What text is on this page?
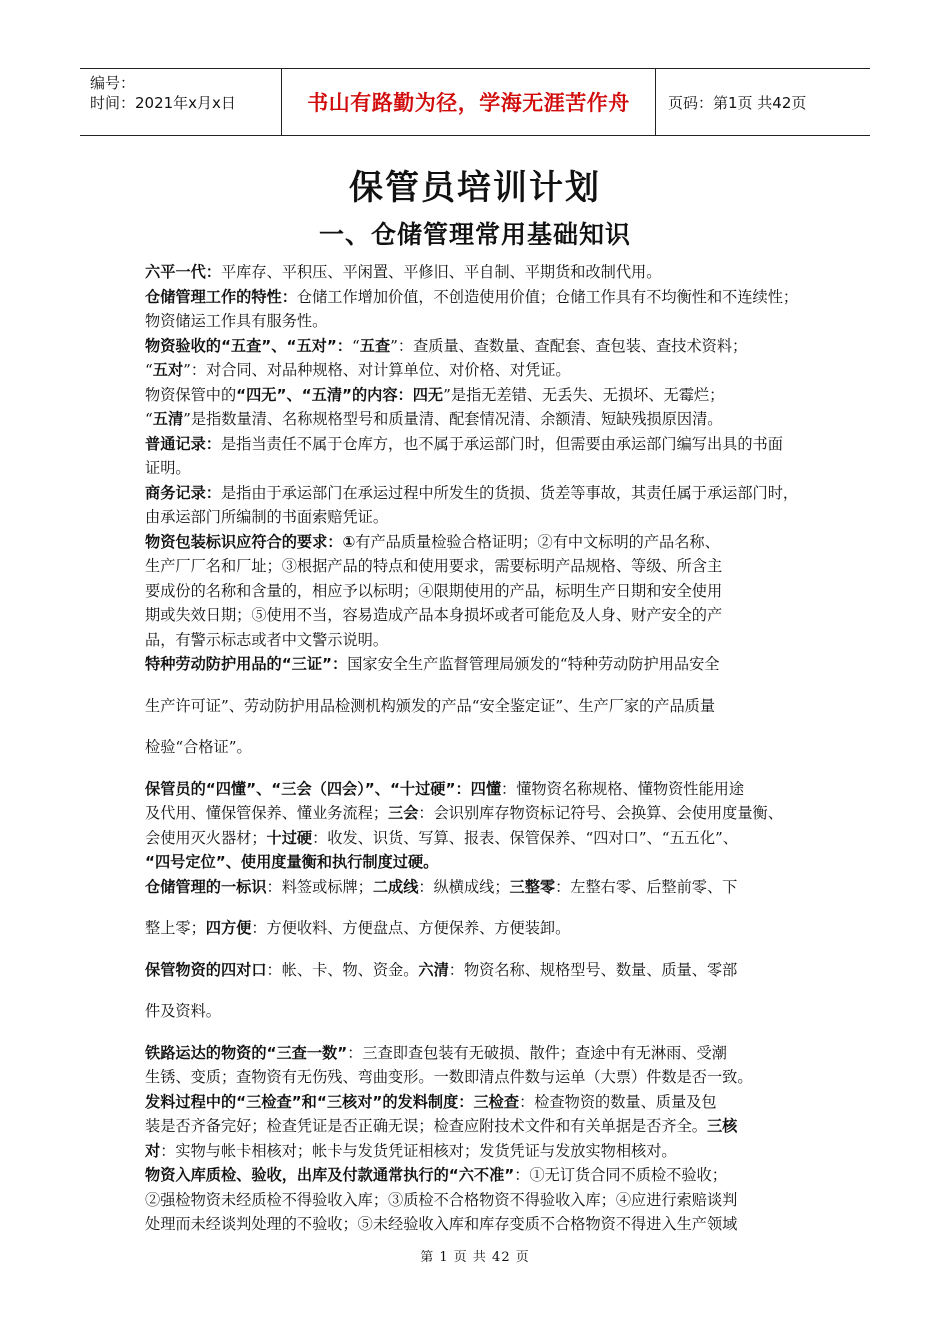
编号：
时间：2021年x月x日	书山有路勤为径，学海无涯苦作舟	页码：第1页 共42页
保管员培训计划
一、仓储管理常用基础知识
六平一代：平库存、平积压、平闲置、平修旧、平自制、平期货和改制代用。
仓储管理工作的特性：仓储工作增加价值，不创造使用价值；仓储工作具有不均衡性和不连续性；
物资储运工作具有服务性。
物资验收的“五查”、“五对”：“五查”：查质量、查数量、查配套、查包装、查技术资料；
“五对”：对合同、对品种规格、对计算单位、对价格、对凭证。
物资保管中的“四无”、“五清”的内容：四无”是指无差错、无丢失、无损坏、无霉烂；
“五清”是指数量清、名称规格型号和质量清、配套情况清、余额清、短缺残损原因清。
普通记录：是指当责任不属于仓库方，也不属于承运部门时，但需要由承运部门编写出具的书面
证明。
商务记录：是指由于承运部门在承运过程中所发生的货损、货差等事故，其责任属于承运部门时，
由承运部门所编制的书面索赔凭证。
物资包装标识应符合的要求：①有产品质量检验合格证明；②有中文标明的产品名称、
生产厂厂名和厂址；③根据产品的特点和使用要求，需要标明产品规格、等级、所含主
要成份的名称和含量的，相应予以标明；④限期使用的产品，标明生产日期和安全使用
期或失效日期；⑤使用不当，容易造成产品本身损坏或者可能危及人身、财产安全的产
品，有警示标志或者中文警示说明。
特种劳动防护用品的“三证”：国家安全生产监督管理局颁发的“特种劳动防护用品安全
生产许可证”、劳动防护用品检测机构颁发的产品“安全鉴定证”、生产厂家的产品质量
检验“合格证”。
保管员的“四懂”、“三会（四会）”、“十过硬”：四懂：懂物资名称规格、懂物资性能用途
及代用、懂保管保养、懂业务流程；三会：会识别库存物资标记符号、会换算、会使用度量衡、
会使用灭火器材；十过硬：收发、识货、写算、报表、保管保养、“四对口”、“五五化”、
“四号定位”、使用度量衡和执行制度过硬。
仓储管理的一标识：料签或标牌；二成线：纵横成线；三整零：左整右零、后整前零、下
整上零；四方便：方便收料、方便盘点、方便保养、方便装卸。
保管物资的四对口：帐、卡、物、资金。六清：物资名称、规格型号、数量、质量、零部
件及资料。
铁路运达的物资的“三查一数”：三查即查包装有无破损、散件；查途中有无淋雨、受潮
生锈、变质；查物资有无伤残、弯曲变形。一数即清点件数与运单（大票）件数是否一致。
发料过程中的“三检查”和“三核对”的发料制度：三检查：检查物资的数量、质量及包
装是否齐备完好；检查凭证是否正确无误；检查应附技术文件和有关单据是否齐全。三核
对：实物与帐卡相核对；帐卡与发货凭证相核对；发货凭证与发放实物相核对。
物资入库质检、验收，出库及付款通常执行的“六不准”：①无订货合同不质检不验收；
②强检物资未经质检不得验收入库；③质检不合格物资不得验收入库；④应进行索赔谈判
处理而未经谈判处理的不验收；⑤未经验收入库和库存变质不合格物资不得进入生产领域
第 1 页 共 42 页
